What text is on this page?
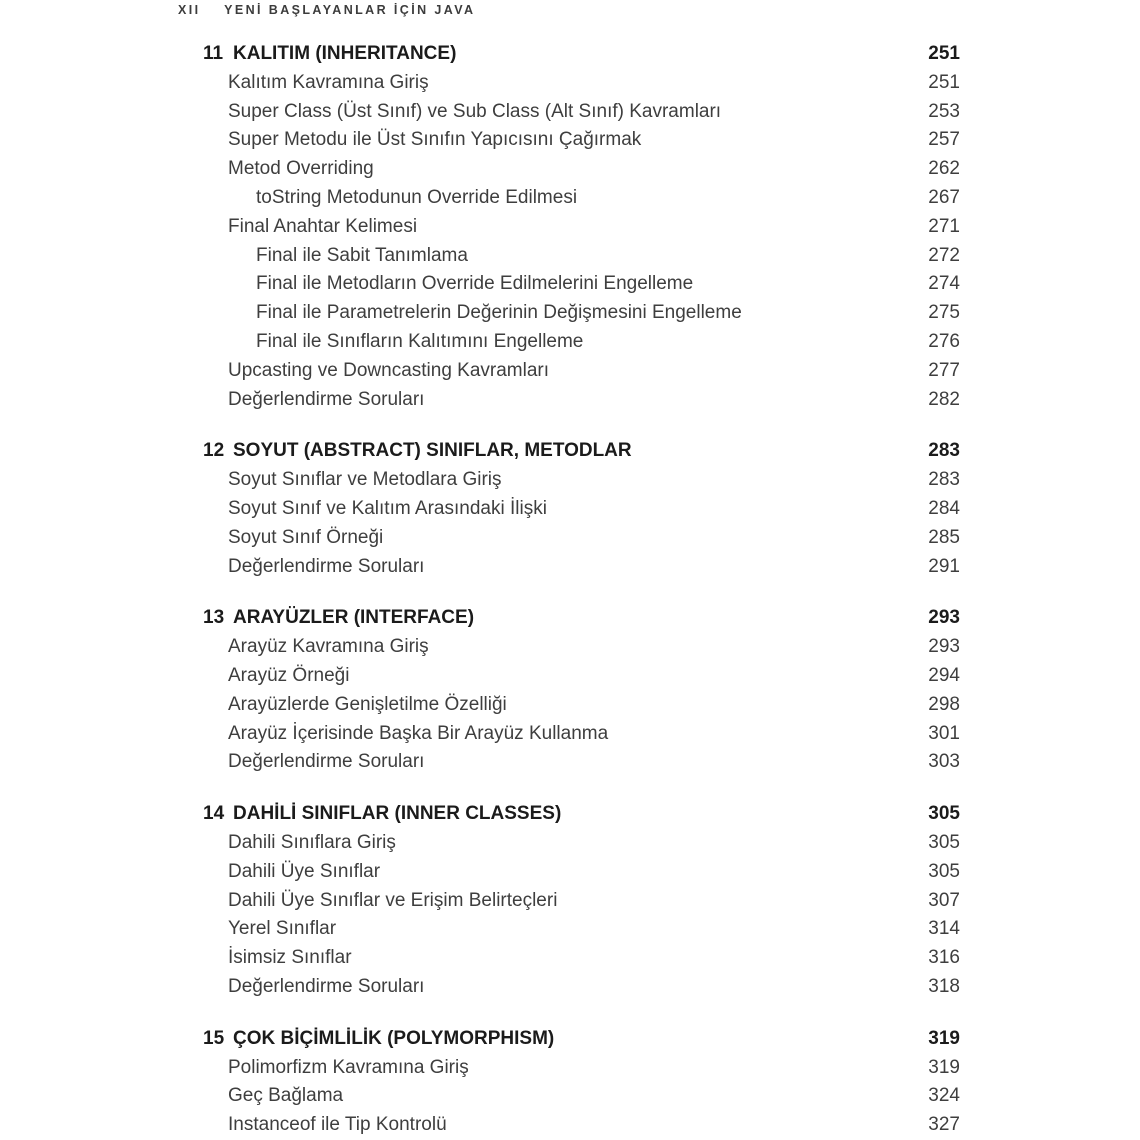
XII YENİ BAŞLAYANLAR İÇİN JAVA
11 KALITIM (INHERITANCE)	251
Kalıtım Kavramına Giriş	251
Super Class (Üst Sınıf) ve Sub Class (Alt Sınıf) Kavramları	253
Super Metodu ile Üst Sınıfın Yapıcısını Çağırmak	257
Metod Overriding	262
toString Metodunun Override Edilmesi	267
Final Anahtar Kelimesi	271
Final ile Sabit Tanımlama	272
Final ile Metodların Override Edilmelerini Engelleme	274
Final ile Parametrelerin Değerinin Değişmesini Engelleme	275
Final ile Sınıfların Kalıtımını Engelleme	276
Upcasting ve Downcasting Kavramları	277
Değerlendirme Soruları	282
12 SOYUT (ABSTRACT) SINIFLAR, METODLAR	283
Soyut Sınıflar ve Metodlara Giriş	283
Soyut Sınıf ve Kalıtım Arasındaki İlişki	284
Soyut Sınıf Örneği	285
Değerlendirme Soruları	291
13 ARAYÜZLER (INTERFACE)	293
Arayüz Kavramına Giriş	293
Arayüz Örneği	294
Arayüzlerde Genişletilme Özelliği	298
Arayüz İçerisinde Başka Bir Arayüz Kullanma	301
Değerlendirme Soruları	303
14 DAHİLİ SINIFLAR (INNER CLASSES)	305
Dahili Sınıflara Giriş	305
Dahili Üye Sınıflar	305
Dahili Üye Sınıflar ve Erişim Belirteçleri	307
Yerel Sınıflar	314
İsimsiz Sınıflar	316
Değerlendirme Soruları	318
15 ÇOK BİÇİMLİLİK (POLYMORPHISM)	319
Polimorfizm Kavramına Giriş	319
Geç Bağlama	324
Instanceof ile Tip Kontrolü	327
